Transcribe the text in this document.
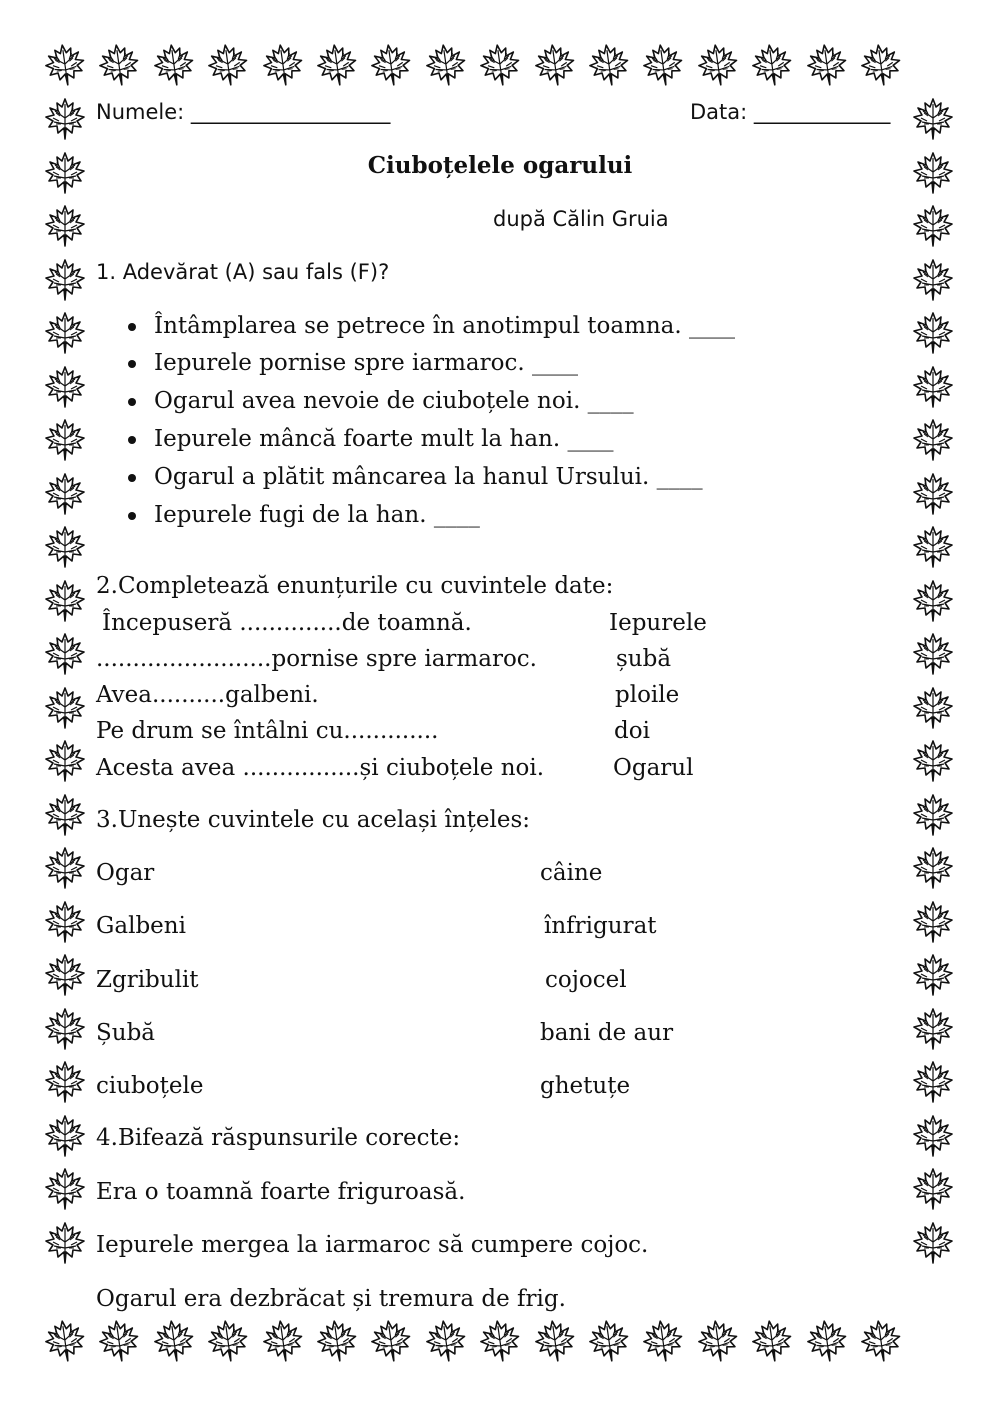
Numele: ___________________	Data: _____________
Ciuboțelele ogarului
după Călin Gruia
1. Adevărat (A) sau fals (F)?
Întâmplarea se petrece în anotimpul toamna. ____
Iepurele pornise spre iarmaroc. ____
Ogarul avea nevoie de ciuboțele noi. ____
Iepurele mâncă foarte mult la han. ____
Ogarul a plătit mâncarea la hanul Ursului. ____
Iepurele fugi de la han. ____
2.Completează enunțurile cu cuvintele date:
Începuseră ..............de toamnă.
........................pornise spre iarmaroc.
Avea..........galbeni.
Pe drum se întâlni cu.............
Acesta avea ................și ciuboțele noi.
Iepurele
șubă
ploile
doi
Ogarul
3.Unește cuvintele cu același înțeles:
Ogar
Galbeni
Zgribulit
Șubă
ciuboțele
câine
înfrigurat
cojocel
bani de aur
ghetuțe
4.Bifează răspunsurile corecte:
Era o toamnă foarte friguroasă.
Iepurele mergea la iarmaroc să cumpere cojoc.
Ogarul era dezbrăcat și tremura de frig.
